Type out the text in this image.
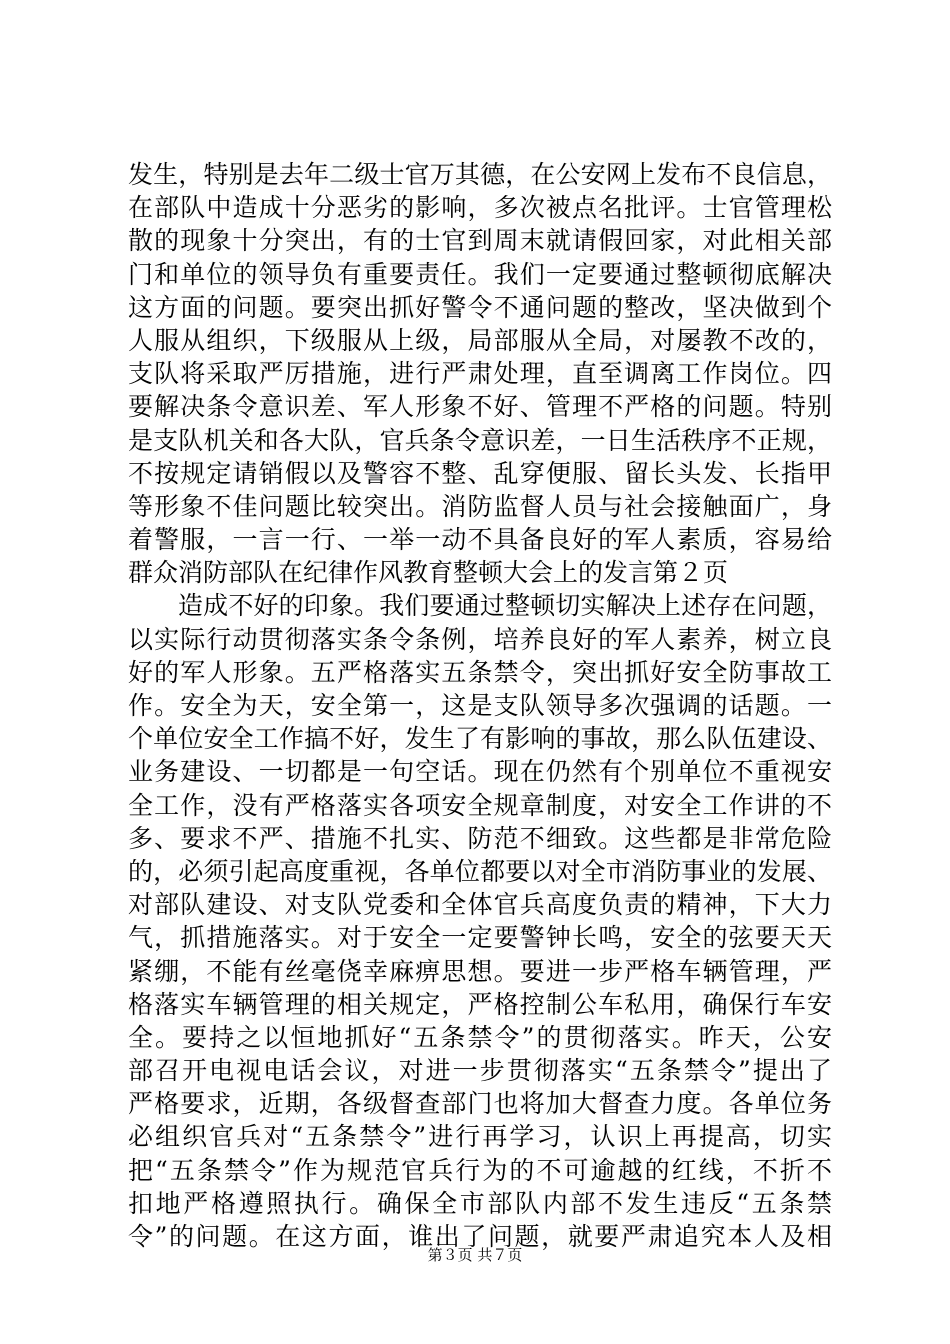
发生，特别是去年二级士官万其德，在公安网上发布不良信息，
在部队中造成十分恶劣的影响，多次被点名批评。士官管理松
散的现象十分突出，有的士官到周末就请假回家，对此相关部
门和单位的领导负有重要责任。我们一定要通过整顿彻底解决
这方面的问题。要突出抓好警令不通问题的整改，坚决做到个
人服从组织，下级服从上级，局部服从全局，对屡教不改的，
支队将采取严厉措施，进行严肃处理，直至调离工作岗位。四
要解决条令意识差、军人形象不好、管理不严格的问题。特别
是支队机关和各大队，官兵条令意识差，一日生活秩序不正规，
不按规定请销假以及警容不整、乱穿便服、留长头发、长指甲
等形象不佳问题比较突出。消防监督人员与社会接触面广，身
着警服，一言一行、一举一动不具备良好的军人素质，容易给
群众消防部队在纪律作风教育整顿大会上的发言第２页
造成不好的印象。我们要通过整顿切实解决上述存在问题，
以实际行动贯彻落实条令条例，培养良好的军人素养，树立良
好的军人形象。五严格落实五条禁令，突出抓好安全防事故工
作。安全为天，安全第一，这是支队领导多次强调的话题。一
个单位安全工作搞不好，发生了有影响的事故，那么队伍建设、
业务建设、一切都是一句空话。现在仍然有个别单位不重视安
全工作，没有严格落实各项安全规章制度，对安全工作讲的不
多、要求不严、措施不扎实、防范不细致。这些都是非常危险
的，必须引起高度重视，各单位都要以对全市消防事业的发展、
对部队建设、对支队党委和全体官兵高度负责的精神，下大力
气，抓措施落实。对于安全一定要警钟长鸣，安全的弦要天天
紧绷，不能有丝毫侥幸麻痹思想。要进一步严格车辆管理，严
格落实车辆管理的相关规定，严格控制公车私用，确保行车安
全。要持之以恒地抓好“五条禁令”的贯彻落实。昨天，公安
部召开电视电话会议，对进一步贯彻落实“五条禁令”提出了
严格要求，近期，各级督查部门也将加大督查力度。各单位务
必组织官兵对“五条禁令”进行再学习，认识上再提高，切实
把“五条禁令”作为规范官兵行为的不可逾越的红线，不折不
扣地严格遵照执行。确保全市部队内部不发生违反“五条禁
令”的问题。在这方面，谁出了问题，就要严肃追究本人及相
第３页 共７页
